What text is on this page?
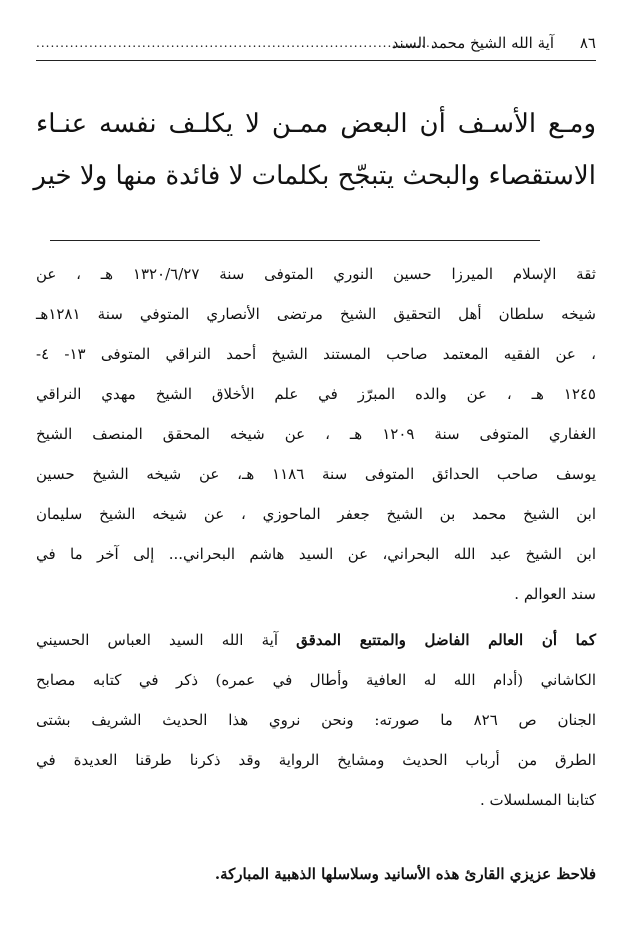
٨٦
آية الله الشيخ محمد السند
...................................................................................
ومـع الأسـف أن البعض ممـن لا يكلـف نفسه عنـاء
الاستقصاء والبحث يتبجّح بكلمات لا فائدة منها ولا خير
ثقة الإسلام الميرزا حسين النوري المتوفى سنة ١٣٢٠/٦/٢٧ هـ ، عن
شيخه سلطان أهل التحقيق الشيخ مرتضى الأنصاري المتوفي سنة ١٢٨١هـ
، عن الفقيه المعتمد صاحب المستند الشيخ أحمد النراقي المتوفى ١٣- ٤-
١٢٤٥ هـ ، عن والده المبرّز في علم الأخلاق الشيخ مهدي النراقي
الغفاري المتوفى سنة ١٢٠٩ هـ ، عن شيخه المحقق المنصف الشيخ
يوسف صاحب الحدائق المتوفى سنة ١١٨٦ هـ، عن شيخه الشيخ حسين
ابن الشيخ محمد بن الشيخ جعفر الماحوزي ، عن شيخه الشيخ سليمان
ابن الشيخ عبد الله البحراني، عن السيد هاشم البحراني... إلى آخر ما في
سند العوالم .
كما أن العالم الفاضل والمتتبع المدقق آية الله السيد العباس الحسيني
الكاشاني (أدام الله له العافية وأطال في عمره) ذكر في كتابه مصابح
الجنان ص ٨٢٦ ما صورته: ونحن نروي هذا الحديث الشريف بشتى
الطرق من أرباب الحديث ومشايخ الرواية وقد ذكرنا طرقنا العديدة في
كتابنا المسلسلات .
فلاحظ عزيزي القارئ هذه الأسانيد وسلاسلها الذهبية المباركة.
